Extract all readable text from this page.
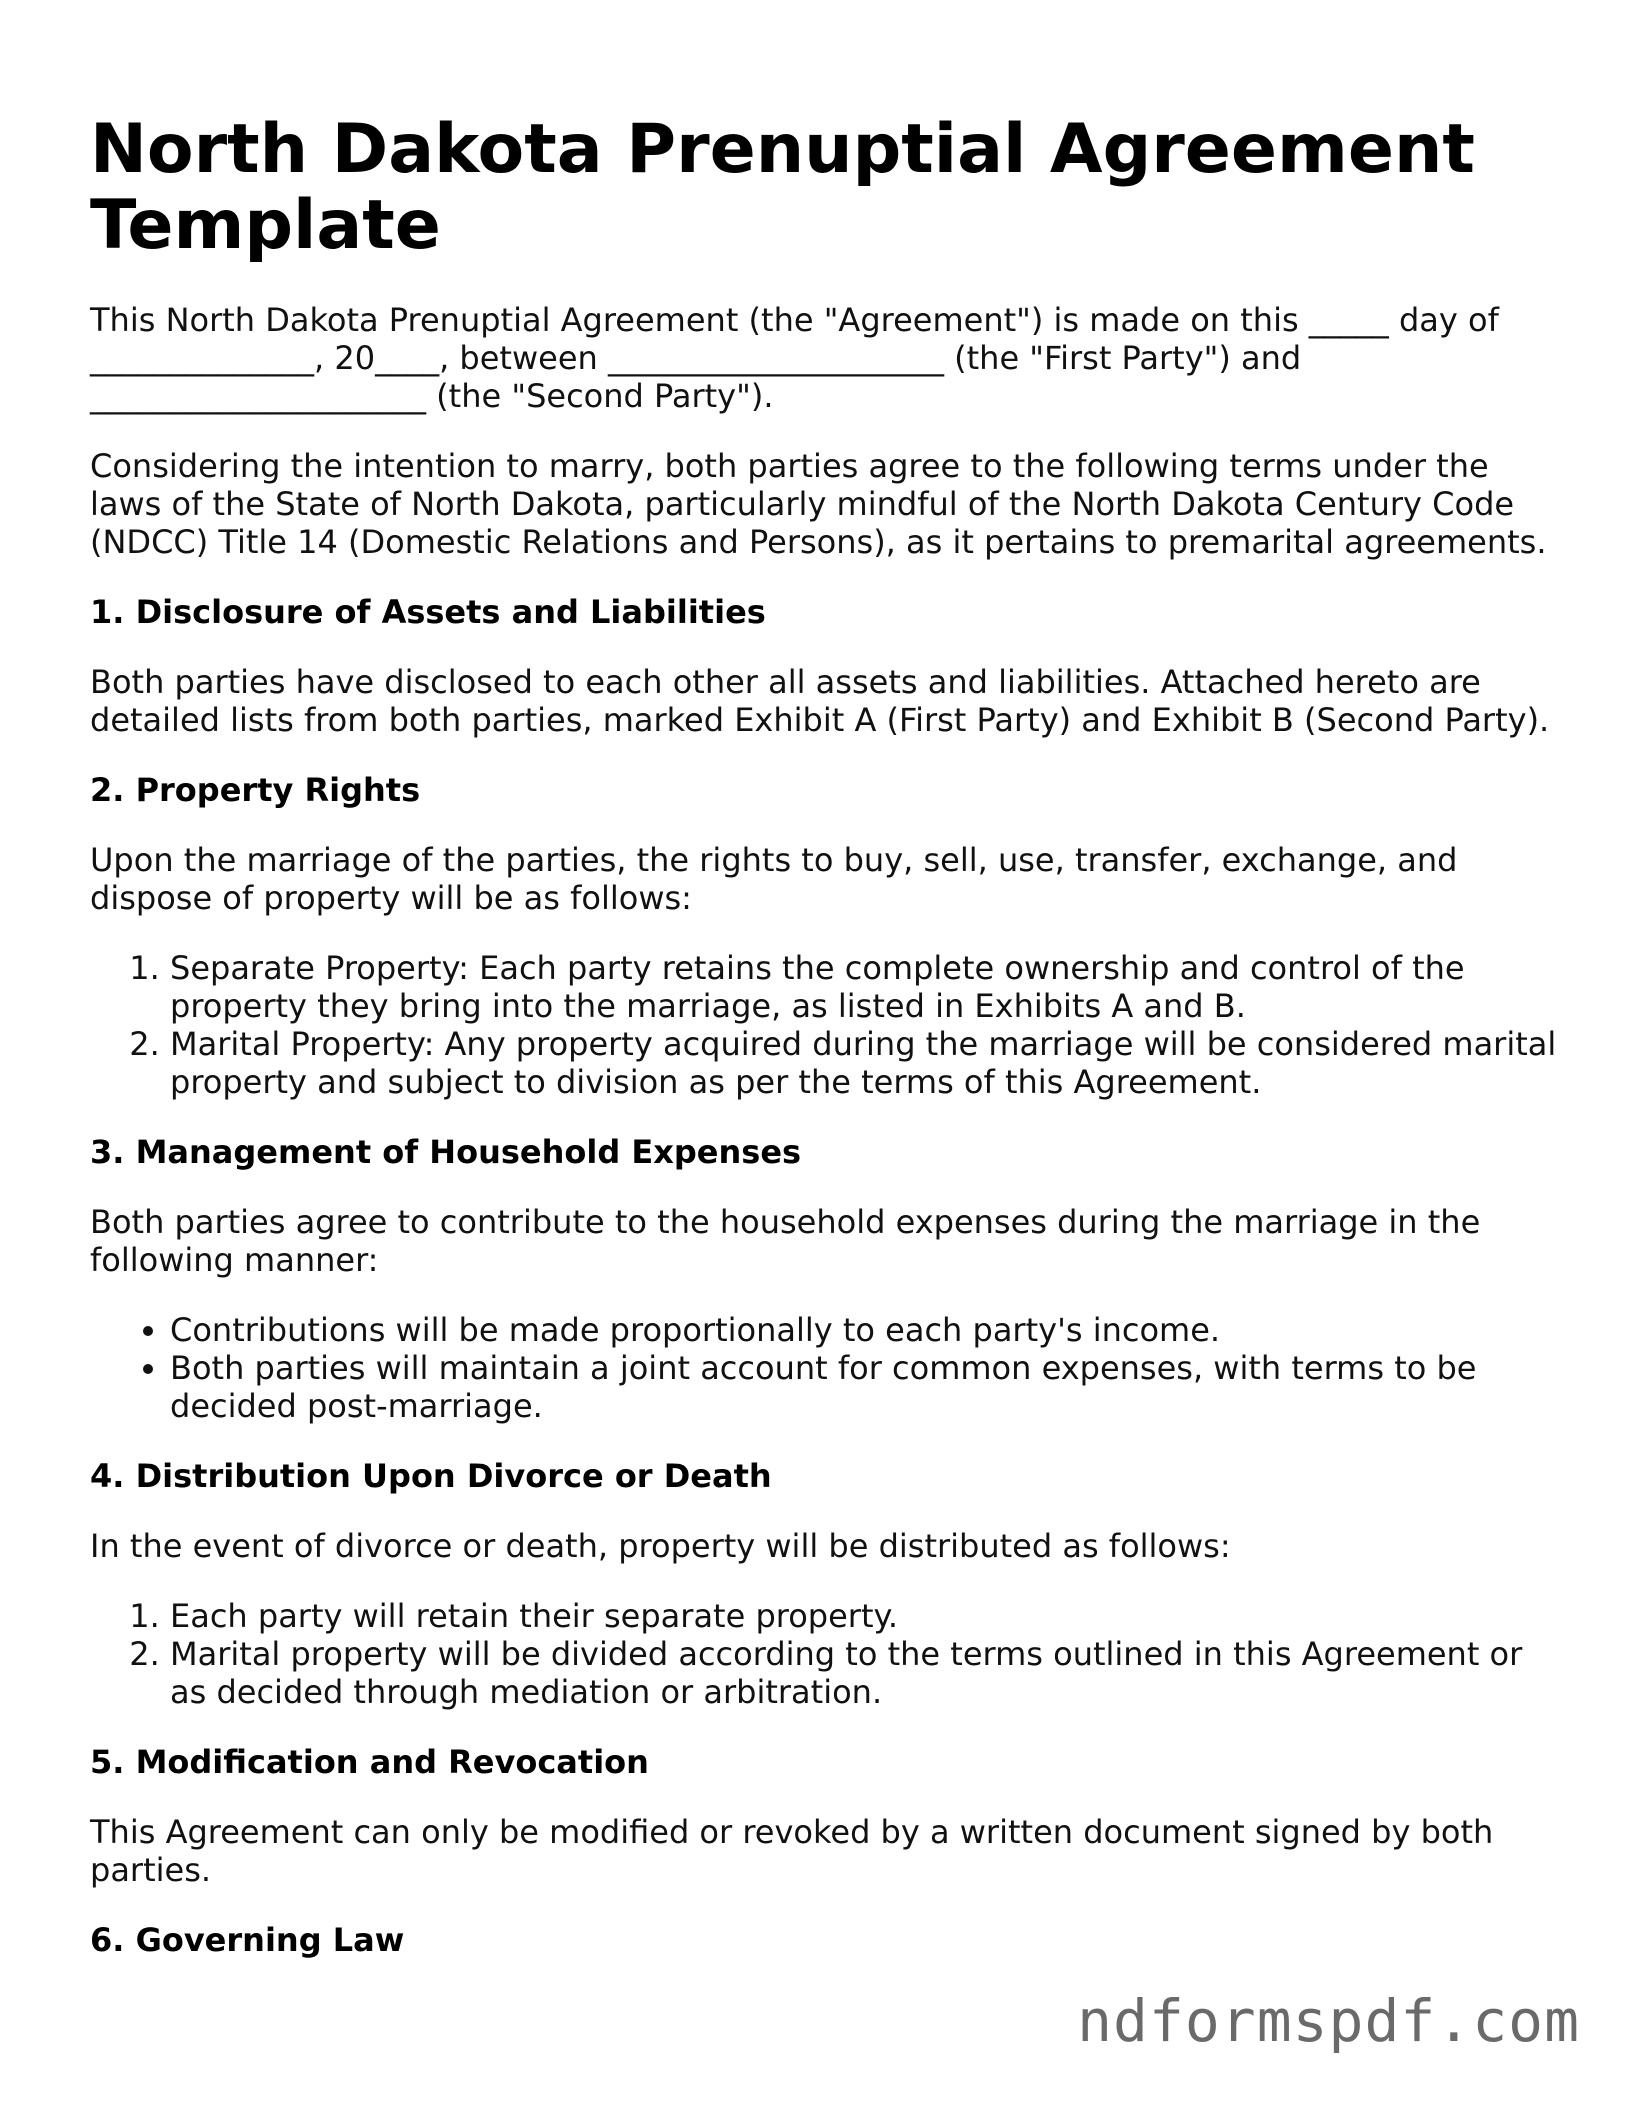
North Dakota Prenuptial Agreement Template

This North Dakota Prenuptial Agreement (the "Agreement") is made on this _____ day of ______________, 20____, between _____________________ (the "First Party") and _____________________ (the "Second Party").

Considering the intention to marry, both parties agree to the following terms under the laws of the State of North Dakota, particularly mindful of the North Dakota Century Code (NDCC) Title 14 (Domestic Relations and Persons), as it pertains to premarital agreements.

1. Disclosure of Assets and Liabilities

Both parties have disclosed to each other all assets and liabilities. Attached hereto are detailed lists from both parties, marked Exhibit A (First Party) and Exhibit B (Second Party).

2. Property Rights

Upon the marriage of the parties, the rights to buy, sell, use, transfer, exchange, and dispose of property will be as follows:

1. Separate Property: Each party retains the complete ownership and control of the property they bring into the marriage, as listed in Exhibits A and B.
2. Marital Property: Any property acquired during the marriage will be considered marital property and subject to division as per the terms of this Agreement.
3. Management of Household Expenses

Both parties agree to contribute to the household expenses during the marriage in the following manner:

• Contributions will be made proportionally to each party's income.
• Both parties will maintain a joint account for common expenses, with terms to be decided post-marriage.
4. Distribution Upon Divorce or Death

In the event of divorce or death, property will be distributed as follows:

1. Each party will retain their separate property.
2. Marital property will be divided according to the terms outlined in this Agreement or as decided through mediation or arbitration.
5. Modification and Revocation

This Agreement can only be modified or revoked by a written document signed by both parties.

6. Governing Law
ndformspdf.com
